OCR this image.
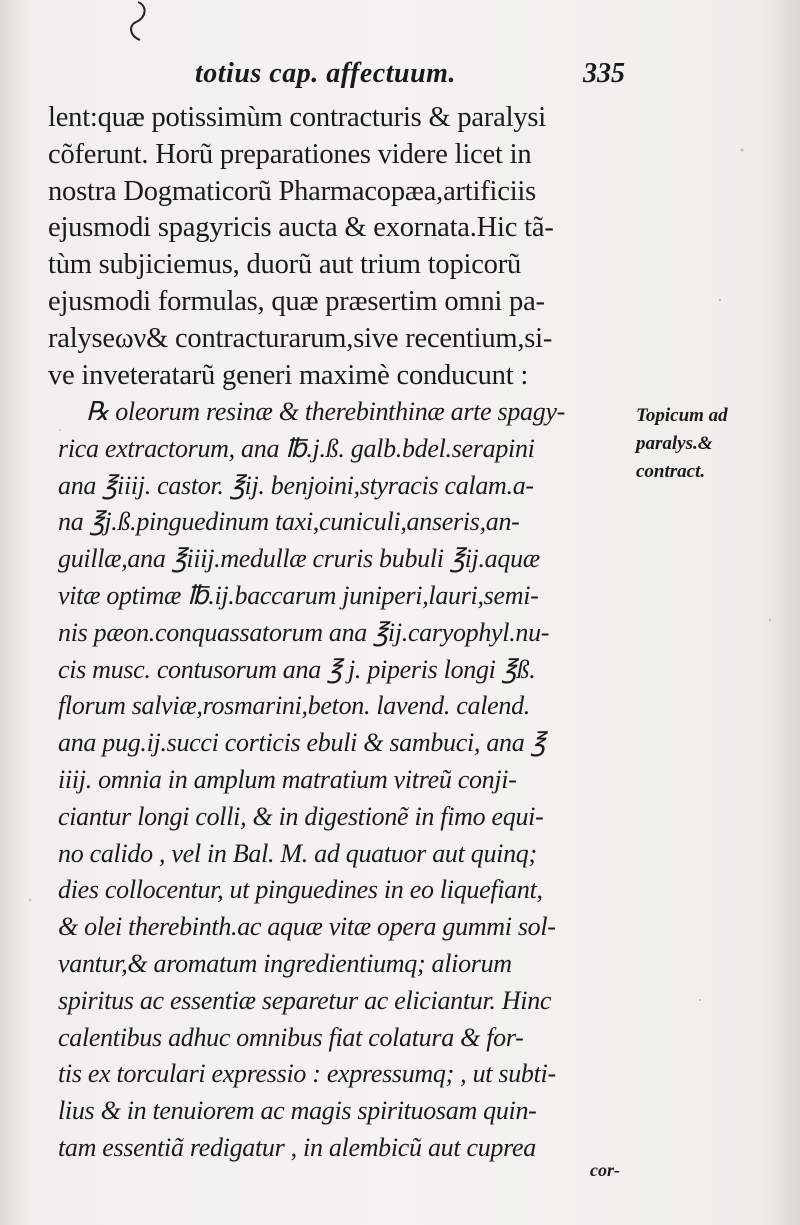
totius cap. affectuum.	335
lent:quæ potissimùm contracturis & paralysi
cõferunt. Horũ preparationes videre licet in
nostra Dogmaticorũ Pharmacopæa,artificiis
ejusmodi spagyricis aucta & exornata.Hic tã-
tùm subjiciemus, duorũ aut trium topicorũ
ejusmodi formulas, quæ præsertim omni pa-
ralyseων& contracturarum,sive recentium,si-
ve inveteratarũ generi maximè conducunt :
℞ oleorum resinæ & therebinthinæ arte spagy-
rica extractorum, ana ℔.j.ß. galb.bdel.serapini
ana ℥iiij. castor. ℥ij. benjoini,styracis calam.a-
na ℥j.ß.pinguedinum taxi,cuniculi,anseris,an-
guillæ,ana ℥iiij.medullæ cruris bubuli ℥ij.aquæ
vitæ optimæ ℔.ij.baccarum juniperi,lauri,semi-
nis pæon.conquassatorum ana ℥ij.caryophyl.nu-
cis musc. contusorum ana ℥ j. piperis longi ℥ß.
florum salviæ,rosmarini,beton. lavend. calend.
ana pug.ij.succi corticis ebuli & sambuci, ana ℥
iiij. omnia in amplum matratium vitreũ conji-
ciantur longi colli, & in digestionẽ in fimo equi-
no calido , vel in Bal. M. ad quatuor aut quinq;
dies collocentur, ut pinguedines in eo liquefiant,
& olei therebinth.ac aquæ vitæ opera gummi sol-
vantur,& aromatum ingredientiumq; aliorum
spiritus ac essentiæ separetur ac eliciantur. Hinc
calentibus adhuc omnibus fiat colatura & for-
tis ex torculari expressio : expressumq; , ut subti-
lius & in tenuiorem ac magis spirituosam quin-
tam essentiã redigatur , in alembicũ aut cuprea
Topicum ad
paralys.&
contract.
cor-
